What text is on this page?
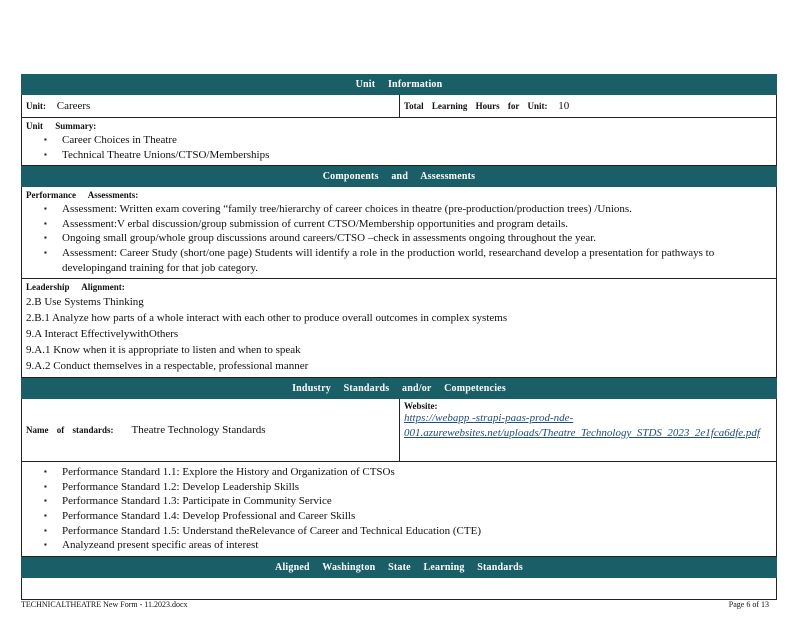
Unit Information
Unit: Careers	Total Learning Hours for Unit: 10
Unit Summary:
▪ Career Choices in Theatre
▪ Technical Theatre Unions/CTSO/Memberships
Components and Assessments
Performance Assessments:
▪ Assessment: Written exam covering “family tree/hierarchy of career choices in theatre (pre-production/production trees) /Unions.
▪ Assessment:V erbal discussion/group submission of current CTSO/Membership opportunities and program details.
▪ Ongoing small group/whole group discussions around careers/CTSO –check in assessments ongoing throughout the year.
▪ Assessment: Career Study (short/one page) Students will identify a role in the production world, researchand develop a presentation for pathways to developingand training for that job category.
Leadership Alignment:
2.B Use Systems Thinking
2.B.1 Analyze how parts of a whole interact with each other to produce overall outcomes in complex systems
9.A Interact EffectivelywithOthers
9.A.1 Know when it is appropriate to listen and when to speak
9.A.2 Conduct themselves in a respectable, professional manner
Industry Standards and/or Competencies
Name of standards: Theatre Technology Standards
Website:
https://webapp -strapi-paas-prod-nde-001.azurewebsites.net/uploads/Theatre_Technology_STDS_2023_2e1fca6dfe.pdf
▪ Performance Standard 1.1: Explore the History and Organization of CTSOs
▪ Performance Standard 1.2: Develop Leadership Skills
▪ Performance Standard 1.3: Participate in Community Service
▪ Performance Standard 1.4: Develop Professional and Career Skills
▪ Performance Standard 1.5: Understand theRelevance of Career and Technical Education (CTE)
▪ Analyzeand present specific areas of interest
Aligned Washington State Learning Standards
TECHNICALTHEATRE New Form - 11.2023.docx	Page 6 of 13
